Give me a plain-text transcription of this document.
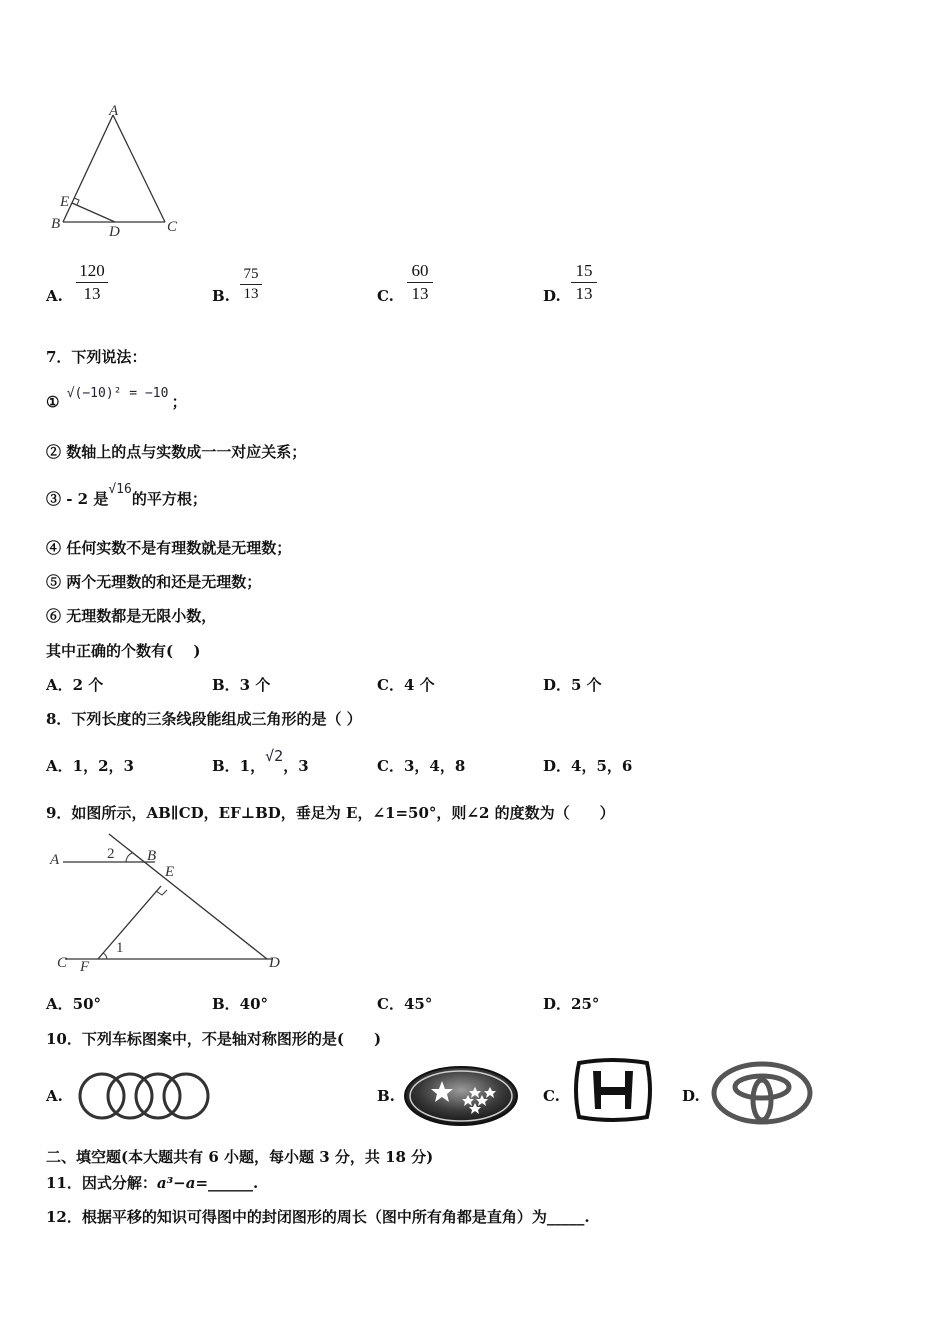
A
E
B	D	C
A.
120
13	B.
75
13	C.
60
13	D.
15
13
7．下列说法：
① √(−10)² = −10 ；
② 数轴上的点与实数成一一对应关系；
③ - 2 是√16的平方根；
④ 任何实数不是有理数就是无理数；
⑤ 两个无理数的和还是无理数；
⑥ 无理数都是无限小数，
其中正确的个数有(　 )
A．2 个	B．3 个	C．4 个	D．5 个
8．下列长度的三条线段能组成三角形的是（ ）
A．1，2，3	B．1，√2，3	C．3，4，8	D．4，5，6
9．如图所示，AB∥CD，EF⊥BD，垂足为 E，∠1=50°，则∠2 的度数为（　　）
A	2 B
E
1
C F	D
A．50°	B．40°	C．45°	D．25°
10．下列车标图案中，不是轴对称图形的是(　　)
A.	B.	C.	D.
二、填空题(本大题共有 6 小题，每小题 3 分，共 18 分)
11．因式分解：a³−a=______.
12．根据平移的知识可得图中的封闭图形的周长（图中所有角都是直角）为_____.
